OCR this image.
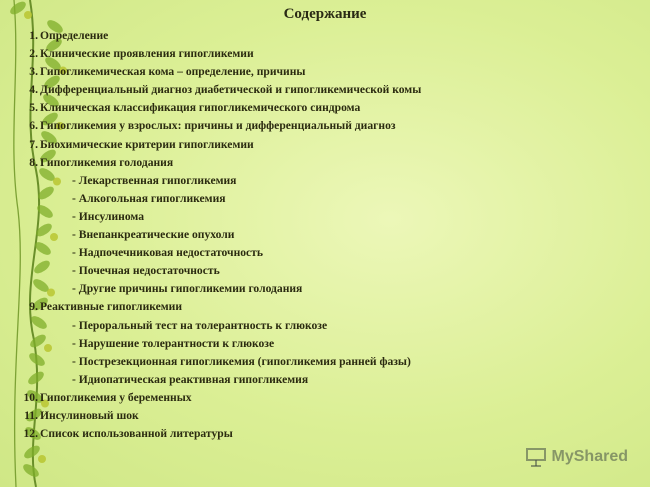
Содержание
1. Определение
2. Клинические проявления гипогликемии
3. Гипогликемическая кома – определение, причины
4. Дифференциальный диагноз диабетической и гипогликемической комы
5. Клиническая классификация гипогликемического синдрома
6. Гипогликемия у взрослых: причины и дифференциальный диагноз
7. Биохимические критерии гипогликемии
8. Гипогликемия голодания
- Лекарственная гипогликемия
- Алкогольная гипогликемия
- Инсулинома
- Внепанкреатические опухоли
- Надпочечниковая недостаточность
- Почечная недостаточность
- Другие причины гипогликемии голодания
9. Реактивные гипогликемии
- Пероральный тест на толерантность к глюкозе
- Нарушение толерантности к глюкозе
- Пострезекционная гипогликемия (гипогликемия ранней фазы)
- Идиопатическая реактивная гипогликемия
10. Гипогликемия у беременных
11. Инсулиновый шок
12. Список использованной литературы
MyShared
